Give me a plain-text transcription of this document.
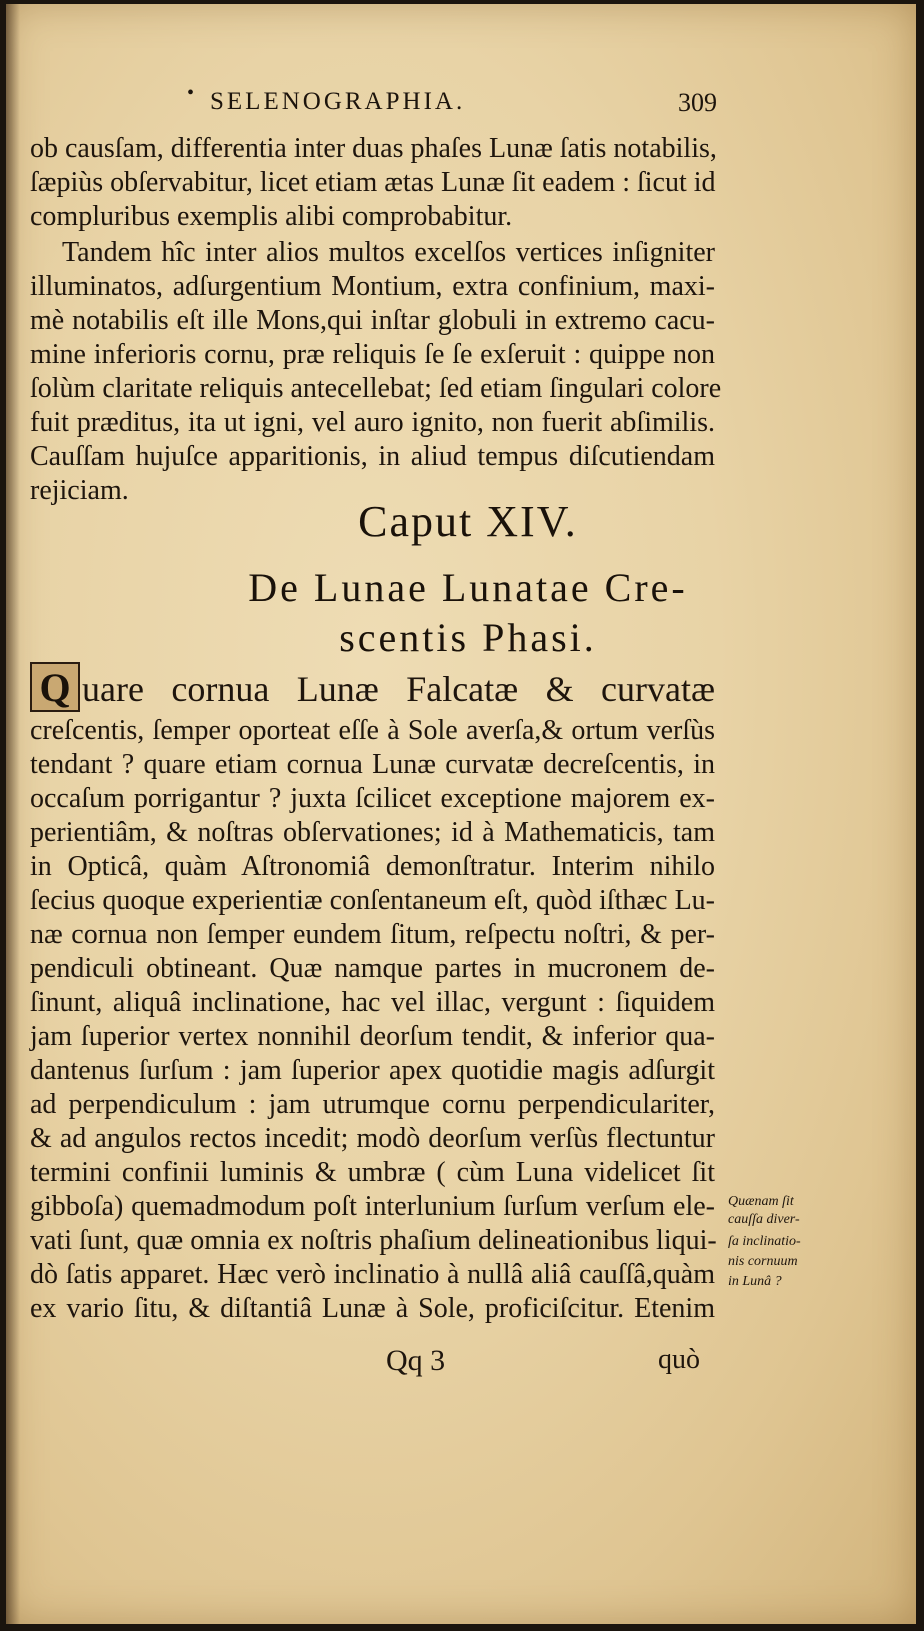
• SELENOGRAPHIA.	309
ob causſam, differentia inter duas phaſes Lunæ ſatis notabilis,
ſæpiùs obſervabitur, licet etiam ætas Lunæ ſit eadem : ſicut id
compluribus exemplis alibi comprobabitur.
Tandem hîc inter alios multos excelſos vertices inſigniter
illuminatos, adſurgentium Montium, extra confinium, maxi-
mè notabilis eſt ille Mons,qui inſtar globuli in extremo cacu-
mine inferioris cornu, præ reliquis ſe ſe exſeruit : quippe non
ſolùm claritate reliquis antecellebat; ſed etiam ſingulari colore
fuit præditus, ita ut igni, vel auro ignito, non fuerit abſimilis.
Cauſſam hujuſce apparitionis, in aliud tempus diſcutiendam
rejiciam.
Caput XIV.
De Lunae Lunatae Cre-
scentis Phasi.
Q uare cornua Lunæ Falcatæ & curvatæ
creſcentis, ſemper oporteat eſſe à Sole averſa,& ortum verſùs
tendant ? quare etiam cornua Lunæ curvatæ decreſcentis, in
occaſum porrigantur ? juxta ſcilicet exceptione majorem ex-
perientiâm, & noſtras obſervationes; id à Mathematicis, tam
in Opticâ, quàm Aſtronomiâ demonſtratur. Interim nihilo
ſecius quoque experientiæ conſentaneum eſt, quòd iſthæc Lu-
næ cornua non ſemper eundem ſitum, reſpectu noſtri, & per-
pendiculi obtineant. Quæ namque partes in mucronem de-
ſinunt, aliquâ inclinatione, hac vel illac, vergunt : ſiquidem
jam ſuperior vertex nonnihil deorſum tendit, & inferior qua-
dantenus ſurſum : jam ſuperior apex quotidie magis adſurgit
ad perpendiculum : jam utrumque cornu perpendiculariter,
& ad angulos rectos incedit; modò deorſum verſùs flectuntur
termini confinii luminis & umbræ ( cùm Luna videlicet ſit
gibboſa) quemadmodum poſt interlunium ſurſum verſum ele-
vati ſunt, quæ omnia ex noſtris phaſium delineationibus liqui-
dò ſatis apparet. Hæc verò inclinatio à nullâ aliâ cauſſâ,quàm
ex vario ſitu, & diſtantiâ Lunæ à Sole, proficiſcitur. Etenim
Quænam ſit
cauſſa diver-
ſa inclinatio-
nis cornuum
in Lunâ ?
Qq 3	quò
